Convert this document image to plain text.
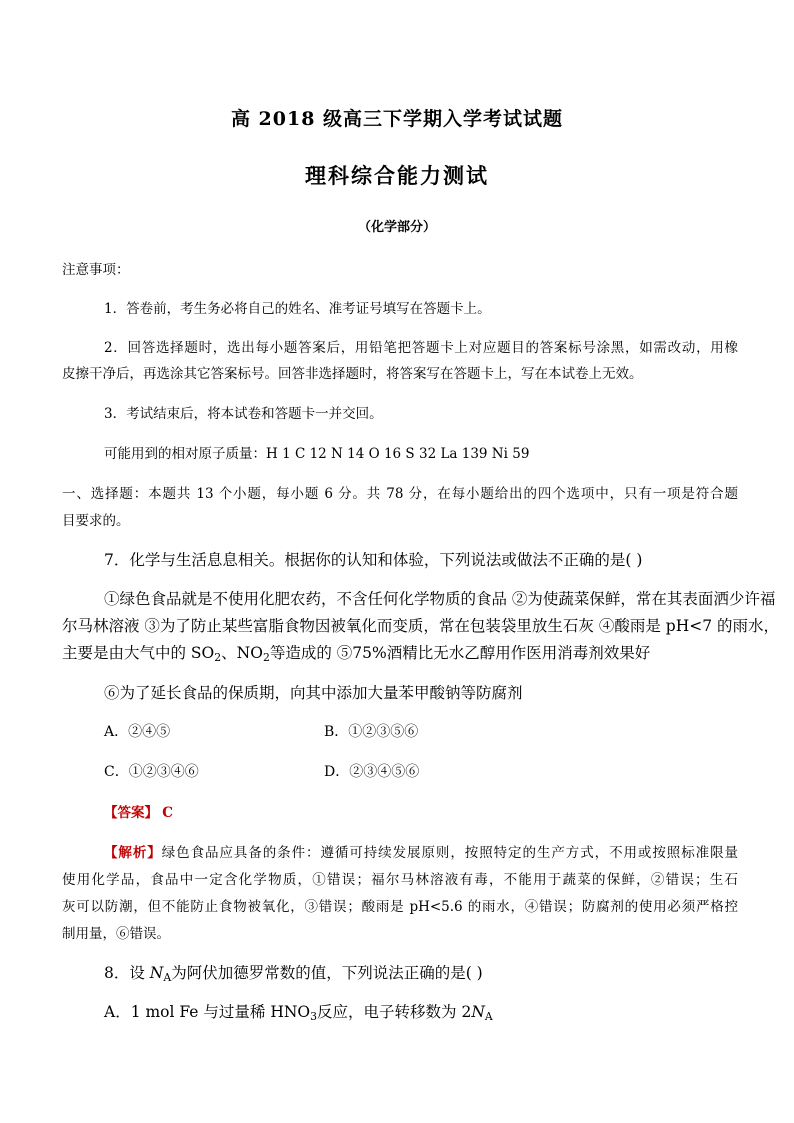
高 2018 级高三下学期入学考试试题
理科综合能力测试
（化学部分）
注意事项：
1．答卷前，考生务必将自己的姓名、准考证号填写在答题卡上。
2．回答选择题时，选出每小题答案后，用铅笔把答题卡上对应题目的答案标号涂黑，如需改动，用橡
皮擦干净后，再选涂其它答案标号。回答非选择题时，将答案写在答题卡上，写在本试卷上无效。
3．考试结束后，将本试卷和答题卡一并交回。
可能用到的相对原子质量：H 1 C 12 N 14 O 16 S 32 La 139 Ni 59
一、选择题：本题共 13 个小题，每小题 6 分。共 78 分，在每小题给出的四个选项中，只有一项是符合题
目要求的。
7．化学与生活息息相关。根据你的认知和体验，下列说法或做法不正确的是( )
①绿色食品就是不使用化肥农药，不含任何化学物质的食品 ②为使蔬菜保鲜，常在其表面洒少许福
尔马林溶液 ③为了防止某些富脂食物因被氧化而变质，常在包装袋里放生石灰 ④酸雨是 pH<7 的雨水，
主要是由大气中的 $SO_2$、$NO_2$等造成的 ⑤75%酒精比无水乙醇用作医用消毒剂效果好
⑥为了延长食品的保质期，向其中添加大量苯甲酸钠等防腐剂
A．②④⑤	B．①②③⑤⑥
C．①②③④⑥	D．②③④⑤⑥
【答案】 C
【解析】绿色食品应具备的条件：遵循可持续发展原则，按照特定的生产方式，不用或按照标准限量
使用化学品，食品中一定含化学物质，①错误；福尔马林溶液有毒，不能用于蔬菜的保鲜，②错误；生石
灰可以防潮，但不能防止食物被氧化，③错误；酸雨是 pH<5.6 的雨水，④错误；防腐剂的使用必须严格控
制用量，⑥错误。
8．设 $N_A$为阿伏加德罗常数的值，下列说法正确的是( )
A．1 mol Fe 与过量稀 $HNO_3$反应，电子转移数为 $2N_A$
